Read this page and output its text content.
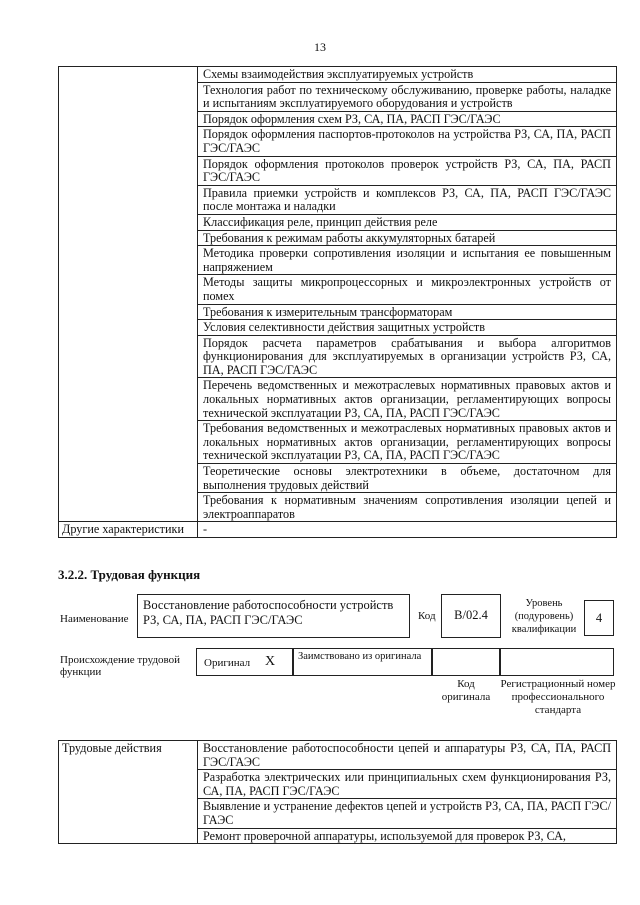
13
	Схемы взаимодействия эксплуатируемых устройств
	Технология работ по техническому обслуживанию, проверке работы, наладке и испытаниям эксплуатируемого оборудования и устройств
	Порядок оформления схем РЗ, СА, ПА, РАСП ГЭС/ГАЭС
	Порядок оформления паспортов-протоколов на устройства РЗ, СА, ПА, РАСП ГЭС/ГАЭС
	Порядок оформления протоколов проверок устройств РЗ, СА, ПА, РАСП ГЭС/ГАЭС
	Правила приемки устройств и комплексов РЗ, СА, ПА, РАСП ГЭС/ГАЭС после монтажа и наладки
	Классификация реле, принцип действия реле
	Требования к режимам работы аккумуляторных батарей
	Методика проверки сопротивления изоляции и испытания ее повышенным напряжением
	Методы защиты микропроцессорных и микроэлектронных устройств от помех
	Требования к измерительным трансформаторам
	Условия селективности действия защитных устройств
	Порядок расчета параметров срабатывания и выбора алгоритмов функционирования для эксплуатируемых в организации устройств РЗ, СА, ПА, РАСП ГЭС/ГАЭС
	Перечень ведомственных и межотраслевых нормативных правовых актов и локальных нормативных актов организации, регламентирующих вопросы технической эксплуатации РЗ, СА, ПА, РАСП ГЭС/ГАЭС
	Требования ведомственных и межотраслевых нормативных правовых актов и локальных нормативных актов организации, регламентирующих вопросы технической эксплуатации РЗ, СА, ПА, РАСП ГЭС/ГАЭС
	Теоретические основы электротехники в объеме, достаточном для выполнения трудовых действий
	Требования к нормативным значениям сопротивления изоляции цепей и электроаппаратов
Другие характеристики	-
3.2.2. Трудовая функция
Наименование
Восстановление работоспособности устройств РЗ, СА, ПА, РАСП ГЭС/ГАЭС	Код	B/02.4
Уровень (подуровень) квалификации
4
Происхождение трудовой функции
Оригинал X	Заимствовано из оригинала
Код оригинала
Регистрационный номер профессионального стандарта
Трудовые действия	Восстановление работоспособности цепей и аппаратуры РЗ, СА, ПА, РАСП ГЭС/ГАЭС
Разработка электрических или принципиальных схем функционирования РЗ, СА, ПА, РАСП ГЭС/ГАЭС
Выявление и устранение дефектов цепей и устройств РЗ, СА, ПА, РАСП ГЭС/ГАЭС
Ремонт проверочной аппаратуры, используемой для проверок РЗ, СА,
